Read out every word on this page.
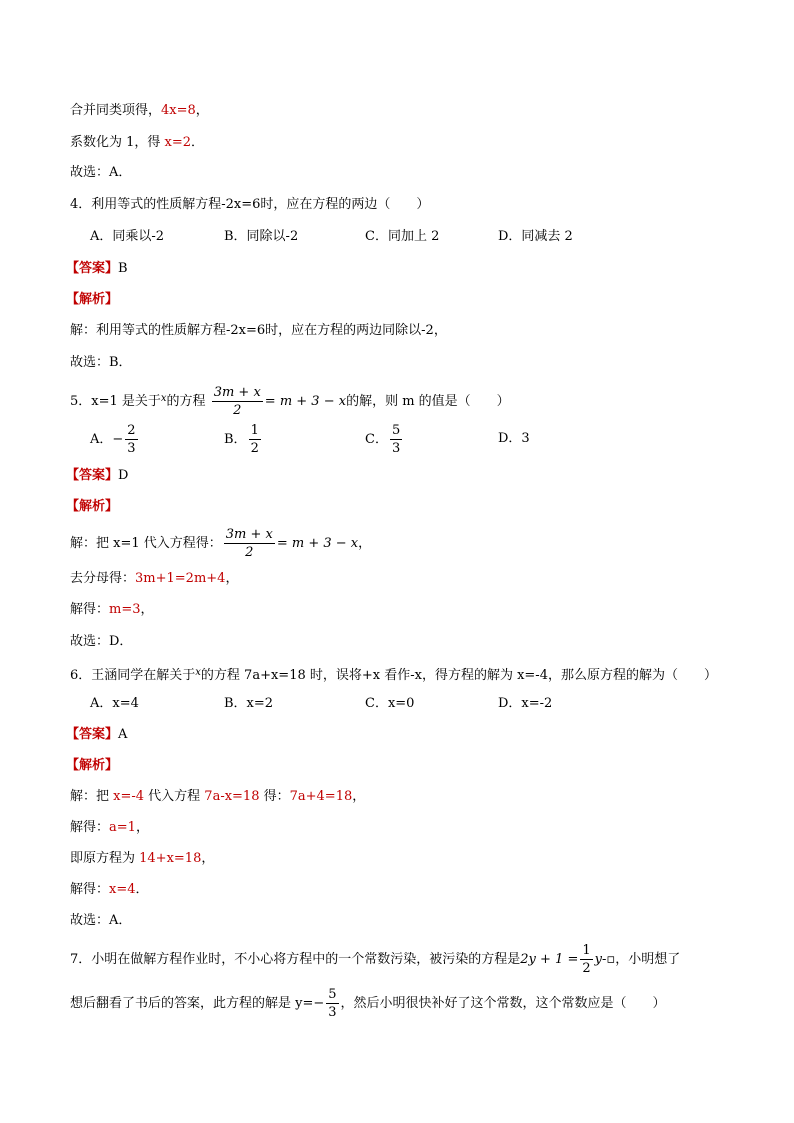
合并同类项得，4x=8，
系数化为 1，得 x=2．
故选：A．
4．利用等式的性质解方程-2x=6时，应在方程的两边（　　）
A．同乘以-2	B．同除以-2	C．同加上 2	D．同减去 2
【答案】B
【解析】
解：利用等式的性质解方程-2x=6时，应在方程的两边同除以-2，
故选：B．
5．x=1 是关于$^x$的方程 $\frac{3m + x}{2} = m + 3 - x$的解，则 m 的值是（　　）
A．− $\frac{2}{3}$	B． $\frac{1}{2}$	C． $\frac{5}{3}$	D．3
【答案】D
【解析】
解：把 x=1 代入方程得： $\frac{3m + x}{2} = m + 3 - x$，
去分母得：3m+1=2m+4，
解得：m=3，
故选：D．
6．王涵同学在解关于$^x$的方程 7a+x=18 时，误将+x 看作-x，得方程的解为 x=-4，那么原方程的解为（　　）
A．x=4	B．x=2	C．x=0	D．x=-2
【答案】A
【解析】
解：把 x=-4 代入方程 7a-x=18 得：7a+4=18，
解得：a=1，
即原方程为 14+x=18，
解得：x=4．
故选：A．
7．小明在做解方程作业时，不小心将方程中的一个常数污染，被污染的方程是$2y + 1 = \frac{1}{2}$ y-▫，小明想了
想后翻看了书后的答案，此方程的解是 $y=- \frac{5}{3}$ ，然后小明很快补好了这个常数，这个常数应是（　　）
